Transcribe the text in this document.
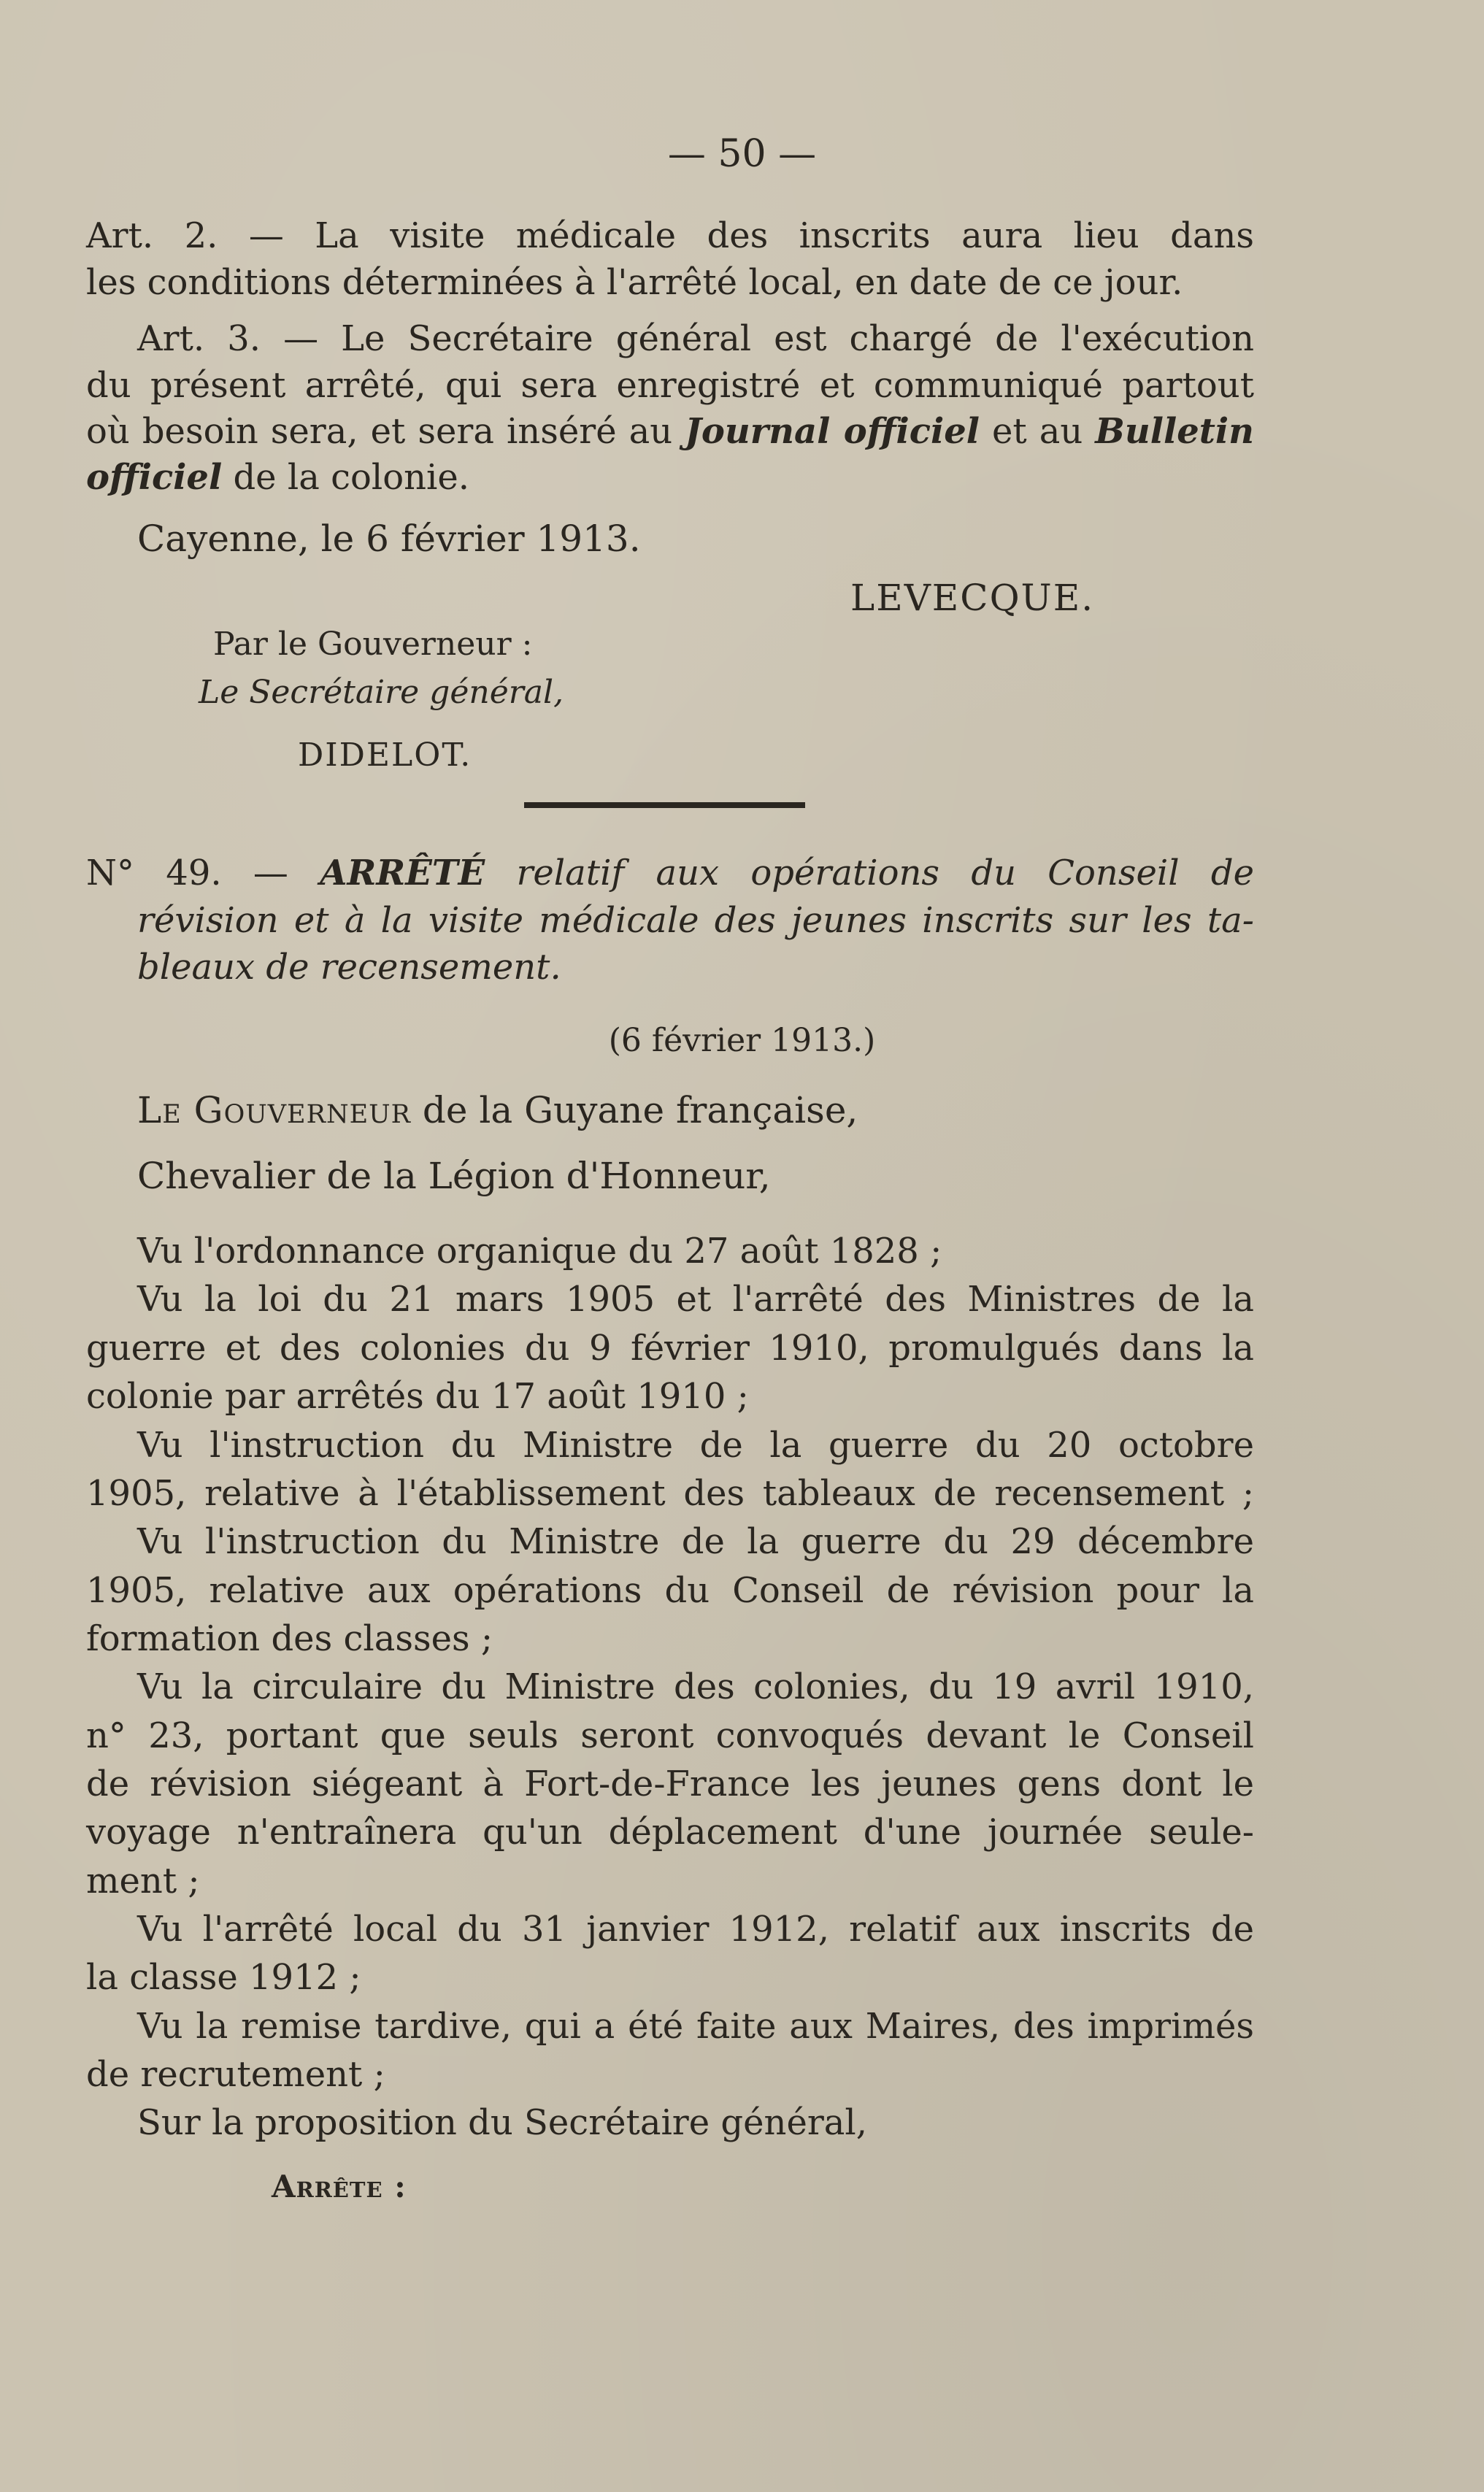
— 50 —
Art. 2. — La visite médicale des inscrits aura lieu dans
les conditions déterminées à l'arrêté local, en date de ce jour.
Art. 3. — Le Secrétaire général est chargé de l'exécution
du présent arrêté, qui sera enregistré et communiqué partout
où besoin sera, et sera inséré au Journal officiel et au Bulletin
officiel de la colonie.
Cayenne, le 6 février 1913.
LEVECQUE.
Par le Gouverneur :
Le Secrétaire général,
DIDELOT.
N° 49. — ARRÊTÉ relatif aux opérations du Conseil de
révision et à la visite médicale des jeunes inscrits sur les ta-
bleaux de recensement.
(6 février 1913.)
Le Gouverneur de la Guyane française,
Chevalier de la Légion d'Honneur,
Vu l'ordonnance organique du 27 août 1828 ;
Vu la loi du 21 mars 1905 et l'arrêté des Ministres de la
guerre et des colonies du 9 février 1910, promulgués dans la
colonie par arrêtés du 17 août 1910 ;
Vu l'instruction du Ministre de la guerre du 20 octobre
1905, relative à l'établissement des tableaux de recensement ;
Vu l'instruction du Ministre de la guerre du 29 décembre
1905, relative aux opérations du Conseil de révision pour la
formation des classes ;
Vu la circulaire du Ministre des colonies, du 19 avril 1910,
n° 23, portant que seuls seront convoqués devant le Conseil
de révision siégeant à Fort-de-France les jeunes gens dont le
voyage n'entraînera qu'un déplacement d'une journée seule-
ment ;
Vu l'arrêté local du 31 janvier 1912, relatif aux inscrits de
la classe 1912 ;
Vu la remise tardive, qui a été faite aux Maires, des imprimés
de recrutement ;
Sur la proposition du Secrétaire général,
Arrête :
